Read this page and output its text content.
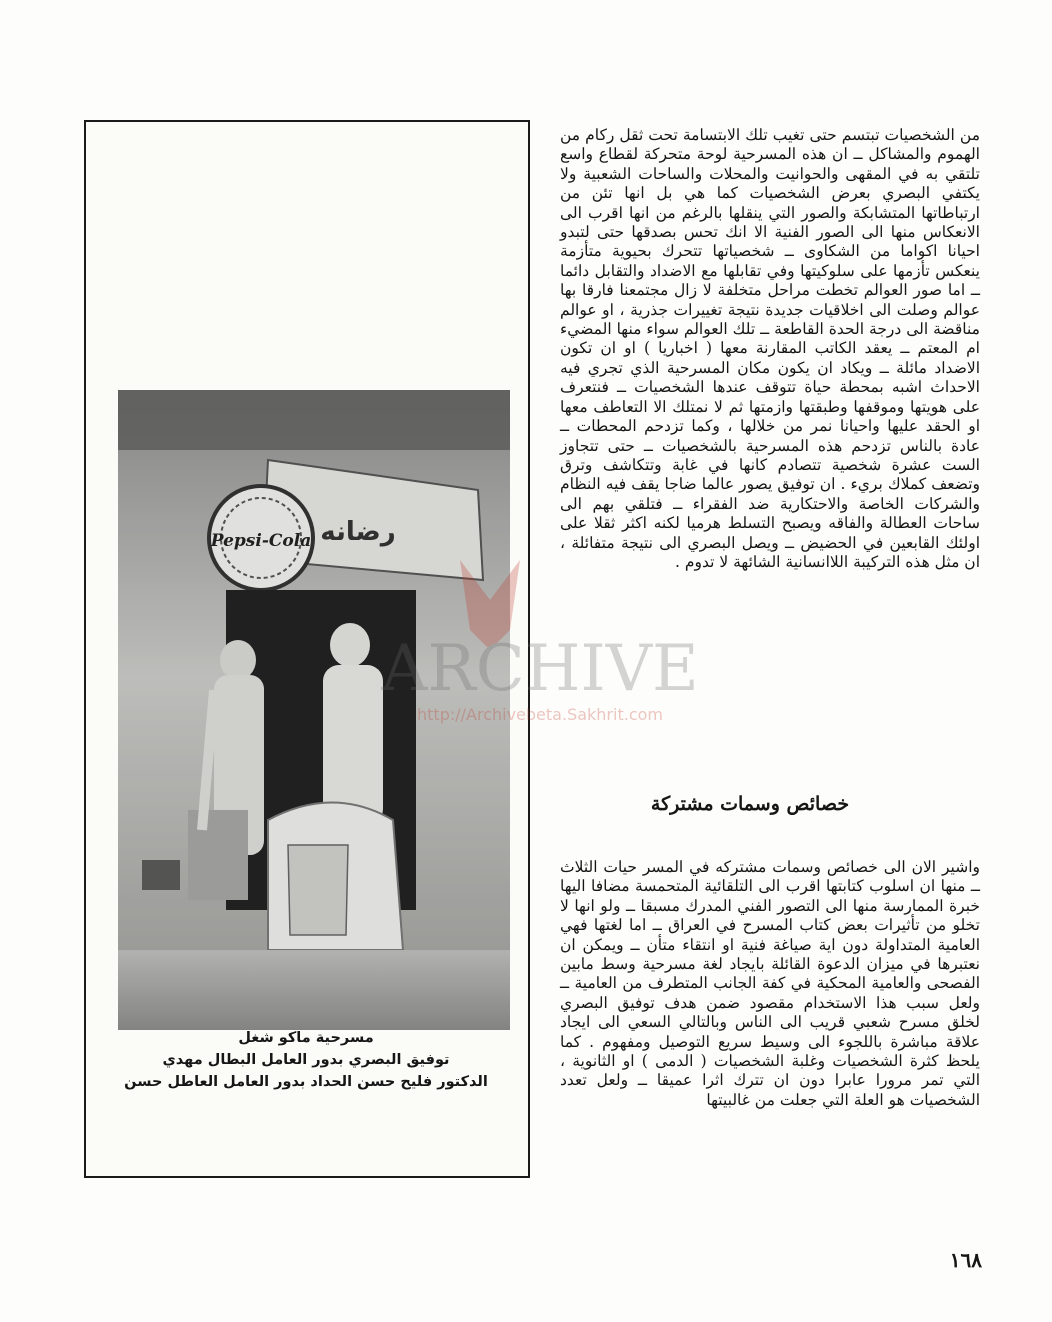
من الشخصيات تبتسم حتى تغيب تلك الابتسامة تحت ثقل ركام من الهموم والمشاكل ــ ان هذه المسرحية لوحة متحركة لقطاع واسع تلتقي به في المقهى والحوانيت والمحلات والساحات الشعبية ولا يكتفي البصري بعرض الشخصيات كما هي بل انها تئن من ارتباطاتها المتشابكة والصور التي ينقلها بالرغم من انها اقرب الى الانعكاس منها الى الصور الفنية الا انك تحس بصدقها حتى لتبدو احيانا اكواما من الشكاوى ــ شخصياتها تتحرك بحيوية متأزمة ينعكس تأزمها على سلوكيتها وفي تقابلها مع الاضداد والتقابل دائما ــ اما صور العوالم تخطت مراحل متخلفة لا زال مجتمعنا فارقا بها عوالم وصلت الى اخلاقيات جديدة نتيجة تغييرات جذرية ، او عوالم مناقضة الى درجة الحدة القاطعة ــ تلك العوالم سواء منها المضيء ام المعتم ــ يعقد الكاتب المقارنة معها ( اخباريا ) او ان تكون الاضداد مائلة ــ ويكاد ان يكون مكان المسرحية الذي تجري فيه الاحداث اشبه بمحطة حياة تتوقف عندها الشخصيات ــ فنتعرف على هويتها وموقفها وطبقتها وازمتها ثم لا نمتلك الا التعاطف معها او الحقد عليها واحيانا نمر من خلالها ، وكما تزدحم المحطات ــ عادة بالناس تزدحم هذه المسرحية بالشخصيات ــ حتى تتجاوز الست عشرة شخصية تتصادم كانها في غابة وتتكاشف وترق وتضعف كملاك بريء . ان توفيق يصور عالما ضاجا يقف فيه النظام والشركات الخاصة والاحتكارية ضد الفقراء ــ فتلقي بهم الى ساحات العطالة والفاقه ويصبح التسلط هرميا لكنه اكثر ثقلا على اولئك القابعين في الحضيض ــ ويصل البصري الى نتيجة متفائلة ، ان مثل هذه التركيبة اللاانسانية الشائهة لا تدوم .

خصائص وسمات مشتركة

واشير الان الى خصائص وسمات مشتركه في المسر حيات الثلاث ــ منها ان اسلوب كتابتها اقرب الى التلقائية المتحمسة مضافا اليها خبرة الممارسة منها الى التصور الفني المدرك مسبقا ــ ولو انها لا تخلو من تأثيرات بعض كتاب المسرح في العراق ــ اما لغتها فهي العامية المتداولة دون اية صياغة فنية او انتقاء متأن ــ ويمكن ان نعتبرها في ميزان الدعوة القائلة بايجاد لغة مسرحية وسط مابين الفصحى والعامية المحكية في كفة الجانب المتطرف من العامية ــ ولعل سبب هذا الاستخدام مقصود ضمن هدف توفيق البصري لخلق مسرح شعبي قريب الى الناس وبالتالي السعي الى ايجاد علاقة مباشرة باللجوء الى وسيط سريع التوصيل ومفهوم . كما يلحظ كثرة الشخصيات وغلبة الشخصيات ( الدمى ) او الثانوية ، التي تمر مرورا عابرا دون ان تترك اثرا عميقا ــ ولعل تعدد الشخصيات هو العلة التي جعلت من غالبيتها

١٦٨
رضانه
Pepsi-Cola
مسرحية ماكو شغل
توفيق البصري بدور العامل البطال مهدي
الدكتور فليح حسن الحداد بدور العامل العاطل حسن
ARCHIVE
http://Archivebeta.Sakhrit.com
